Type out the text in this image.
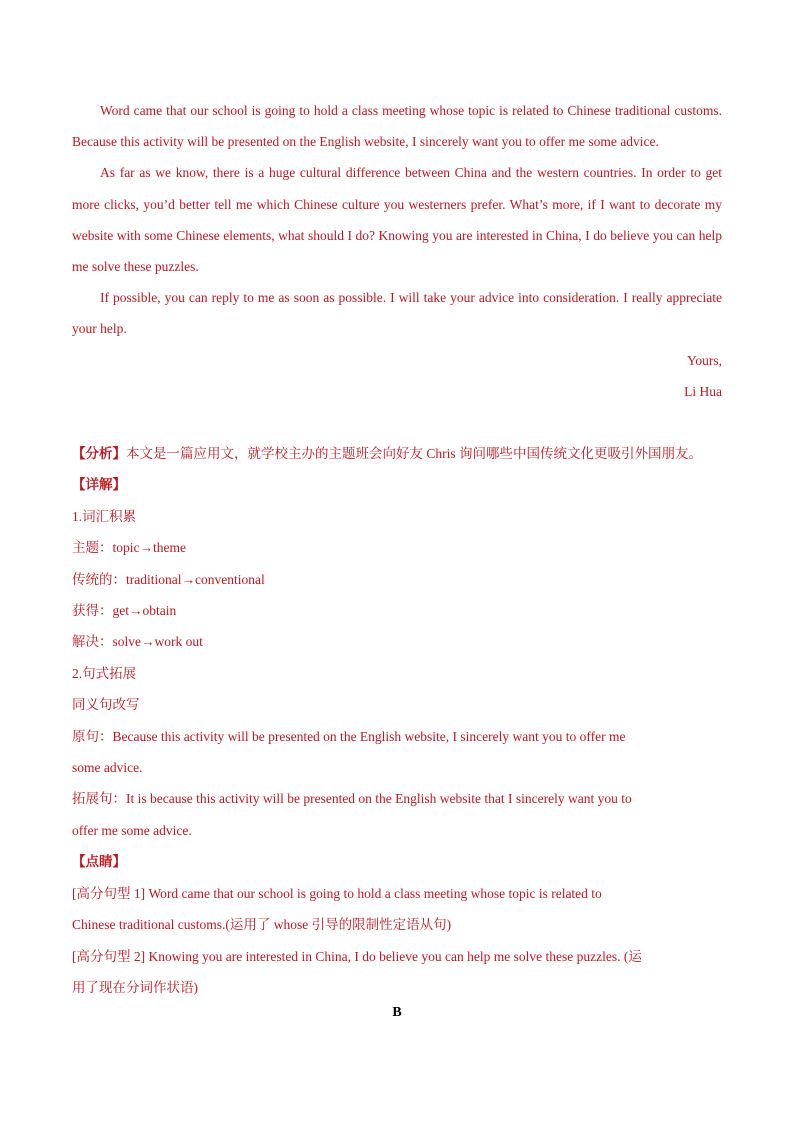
Word came that our school is going to hold a class meeting whose topic is related to Chinese traditional customs. Because this activity will be presented on the English website, I sincerely want you to offer me some advice.

As far as we know, there is a huge cultural difference between China and the western countries. In order to get more clicks, you’d better tell me which Chinese culture you westerners prefer. What’s more, if I want to decorate my website with some Chinese elements, what should I do? Knowing you are interested in China, I do believe you can help me solve these puzzles.

If possible, you can reply to me as soon as possible. I will take your advice into consideration. I really appreciate your help.

Yours,
Li Hua
【分析】本文是一篇应用文，就学校主办的主题班会向好友 Chris 询问哪些中国传统文化更吸引外国朋友。
【详解】
1.词汇积累
主题：topic→theme
传统的：traditional→conventional
获得：get→obtain
解决：solve→work out
2.句式拓展
同义句改写
原句：Because this activity will be presented on the English website, I sincerely want you to offer me
some advice.
拓展句：It is because this activity will be presented on the English website that I sincerely want you to
offer me some advice.
【点睛】
[高分句型 1] Word came that our school is going to hold a class meeting whose topic is related to
Chinese traditional customs.(运用了 whose 引导的限制性定语从句)
[高分句型 2] Knowing you are interested in China, I do believe you can help me solve these puzzles. (运
用了现在分词作状语)
B
